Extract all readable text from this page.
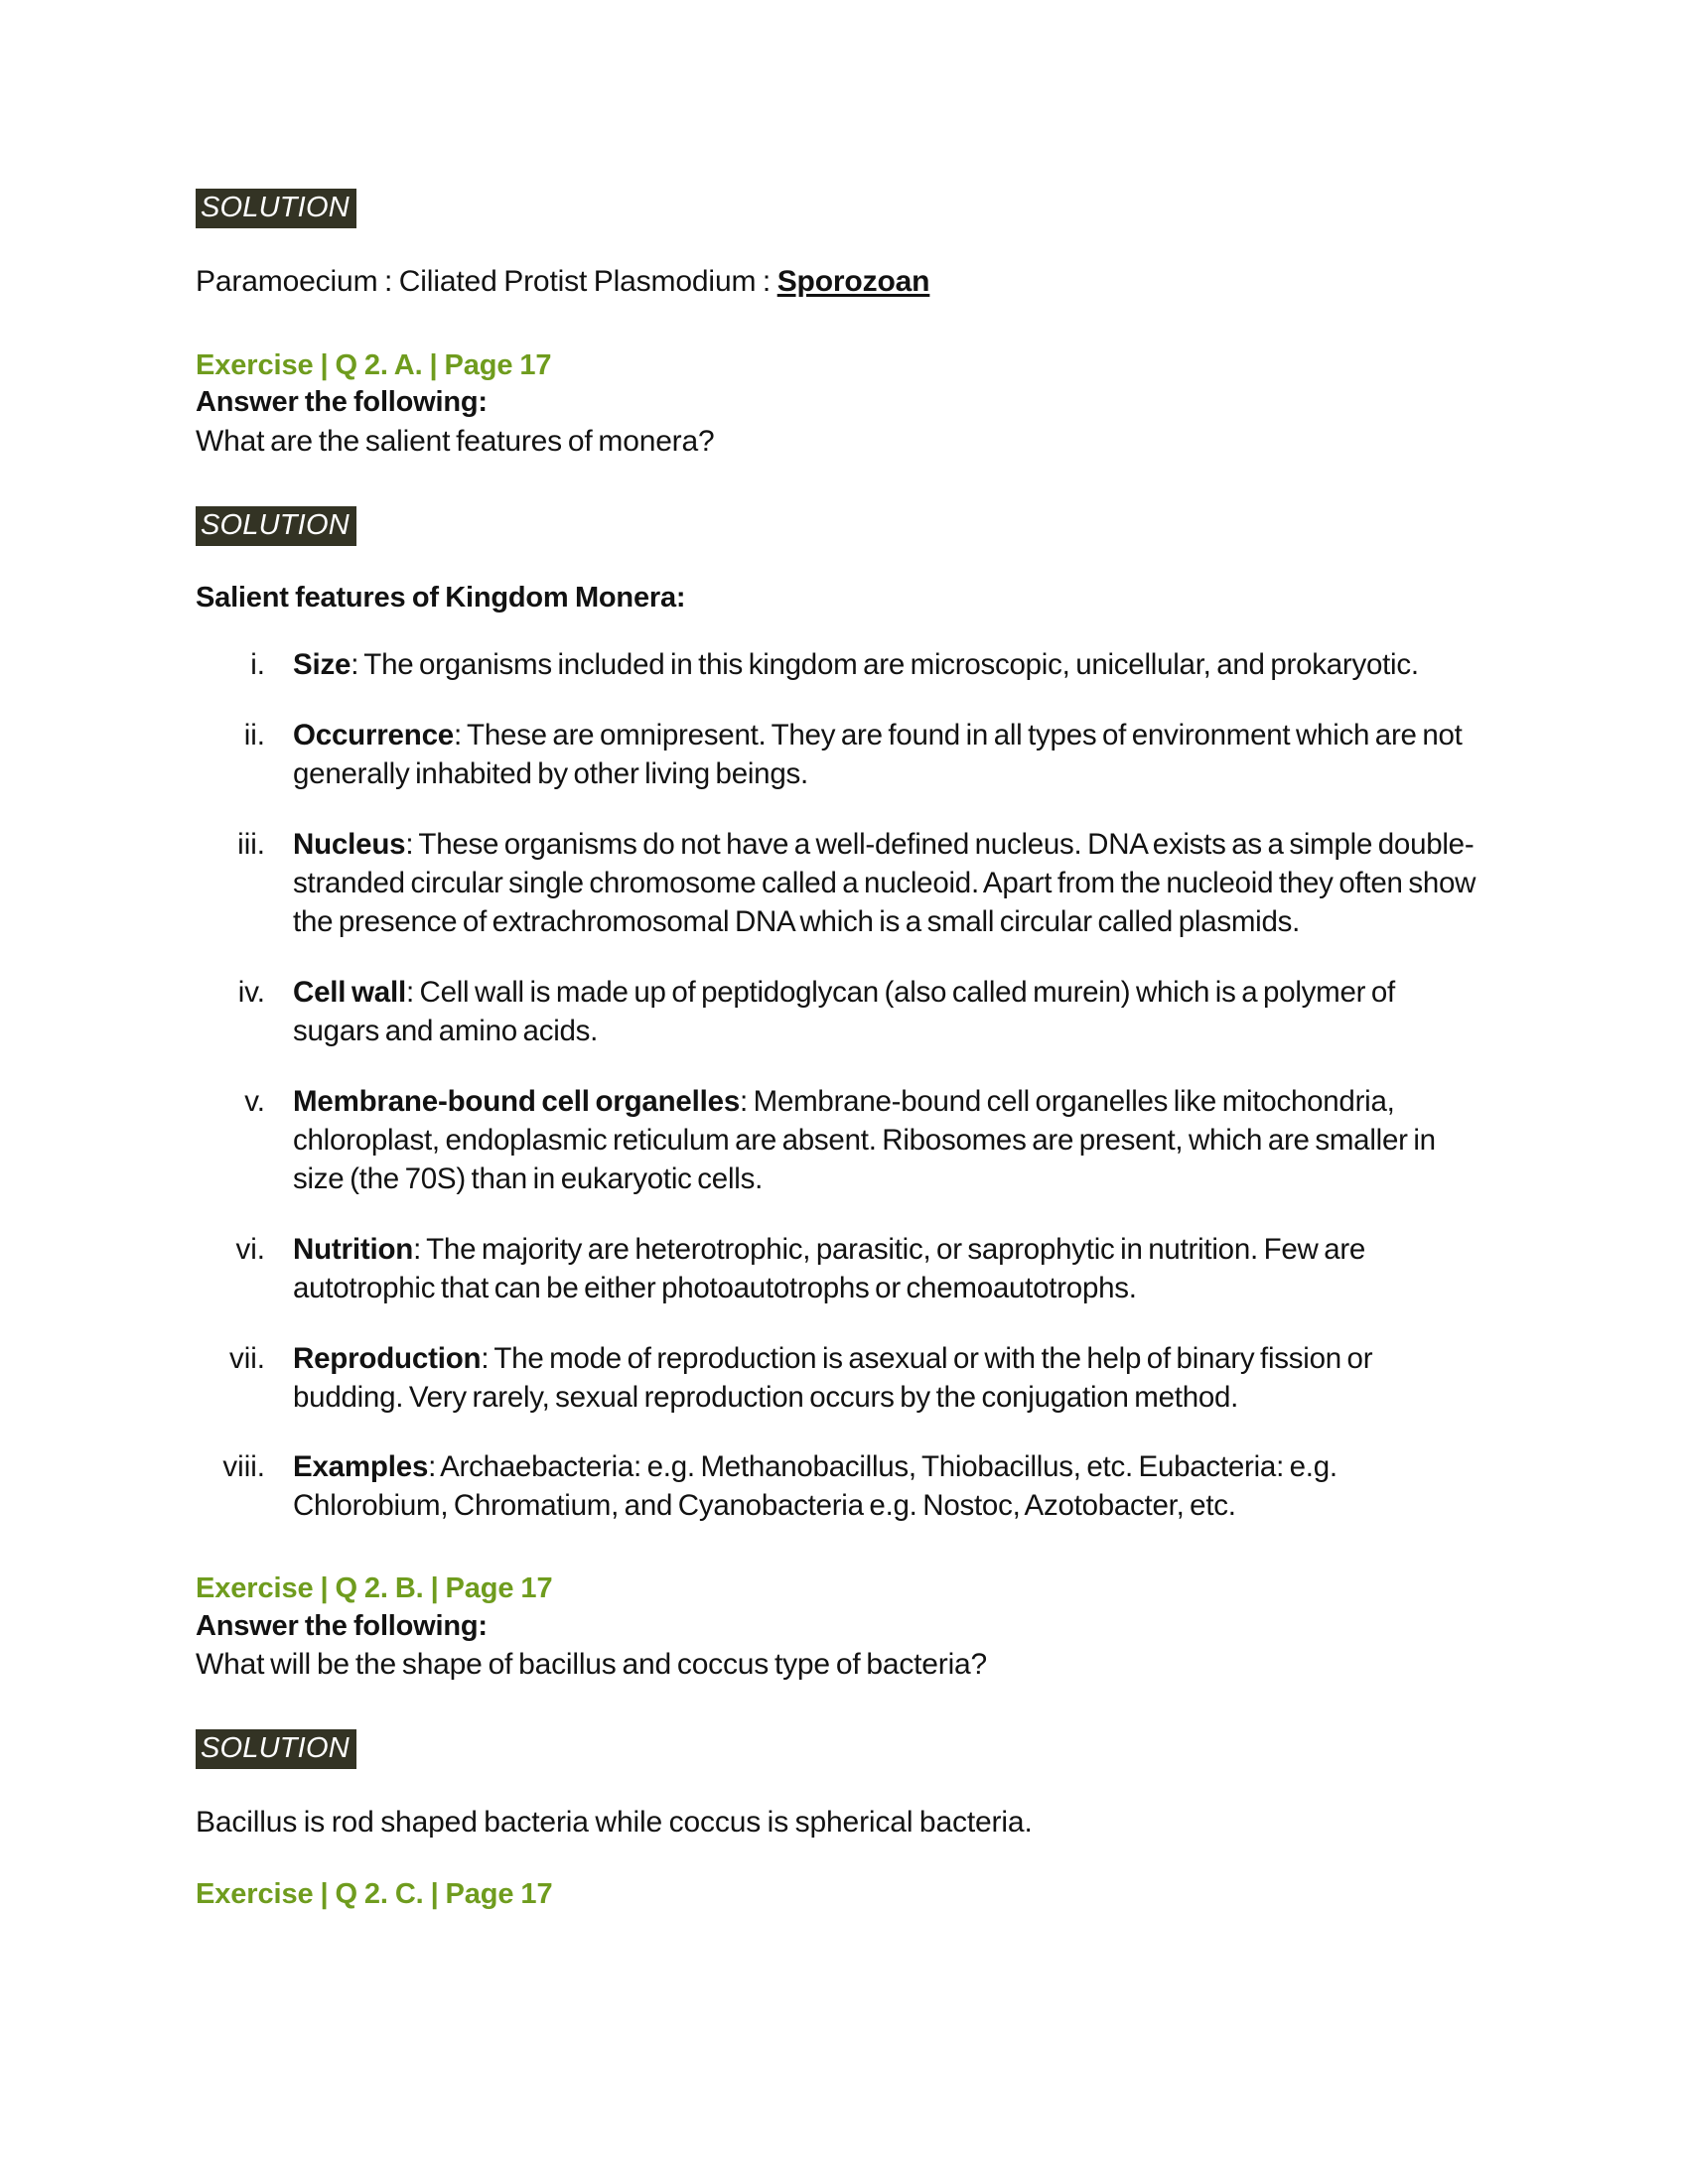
SOLUTION

Paramoecium : Ciliated Protist Plasmodium : Sporozoan

Exercise | Q 2. A. | Page 17

Answer the following:

What are the salient features of monera?

SOLUTION

Salient features of Kingdom Monera:

i. Size: The organisms included in this kingdom are microscopic, unicellular, and prokaryotic.
ii. Occurrence: These are omnipresent. They are found in all types of environment which are not generally inhabited by other living beings.
iii. Nucleus: These organisms do not have a well-defined nucleus. DNA exists as a simple double-stranded circular single chromosome called a nucleoid. Apart from the nucleoid they often show the presence of extrachromosomal DNA which is a small circular called plasmids.
iv. Cell wall: Cell wall is made up of peptidoglycan (also called murein) which is a polymer of sugars and amino acids.
v. Membrane-bound cell organelles: Membrane-bound cell organelles like mitochondria, chloroplast, endoplasmic reticulum are absent. Ribosomes are present, which are smaller in size (the 70S) than in eukaryotic cells.
vi. Nutrition: The majority are heterotrophic, parasitic, or saprophytic in nutrition. Few are autotrophic that can be either photoautotrophs or chemoautotrophs.
vii. Reproduction: The mode of reproduction is asexual or with the help of binary fission or budding. Very rarely, sexual reproduction occurs by the conjugation method.
viii. Examples: Archaebacteria: e.g. Methanobacillus, Thiobacillus, etc. Eubacteria: e.g. Chlorobium, Chromatium, and Cyanobacteria e.g. Nostoc, Azotobacter, etc.

Exercise | Q 2. B. | Page 17

Answer the following:

What will be the shape of bacillus and coccus type of bacteria?

SOLUTION

Bacillus is rod shaped bacteria while coccus is spherical bacteria.

Exercise | Q 2. C. | Page 17
